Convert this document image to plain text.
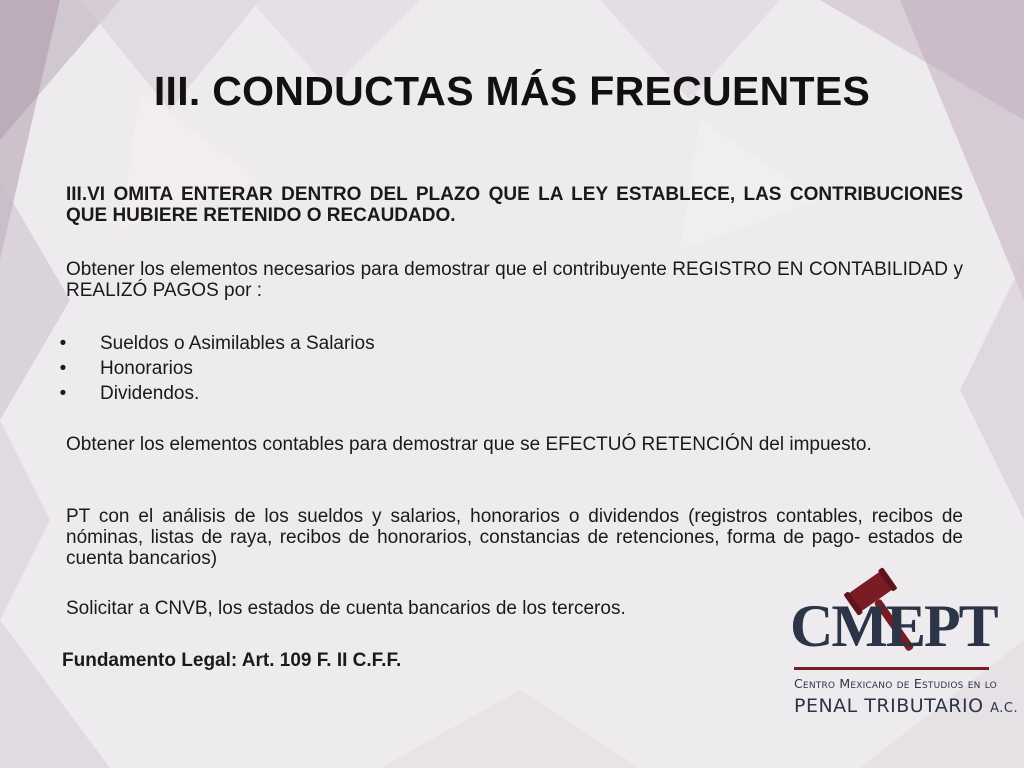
III. CONDUCTAS MÁS FRECUENTES
III.VI OMITA ENTERAR DENTRO DEL PLAZO QUE LA LEY ESTABLECE, LAS CONTRIBUCIONES QUE HUBIERE RETENIDO O RECAUDADO.
Obtener los elementos necesarios para demostrar que el contribuyente REGISTRO EN CONTABILIDAD y REALIZÓ PAGOS por :
• Sueldos o Asimilables a Salarios
• Honorarios
• Dividendos.
Obtener los elementos contables para demostrar que se EFECTUÓ RETENCIÓN del impuesto.
PT con el análisis de los sueldos y salarios, honorarios o dividendos (registros contables, recibos de nóminas, listas de raya, recibos de honorarios, constancias de retenciones, forma de pago- estados de cuenta bancarios)
Solicitar a CNVB, los estados de cuenta bancarios de los terceros.
Fundamento Legal: Art. 109 F. II C.F.F.
CMEPT
Centro Mexicano de Estudios en lo
PENAL TRIBUTARIO A.C.
